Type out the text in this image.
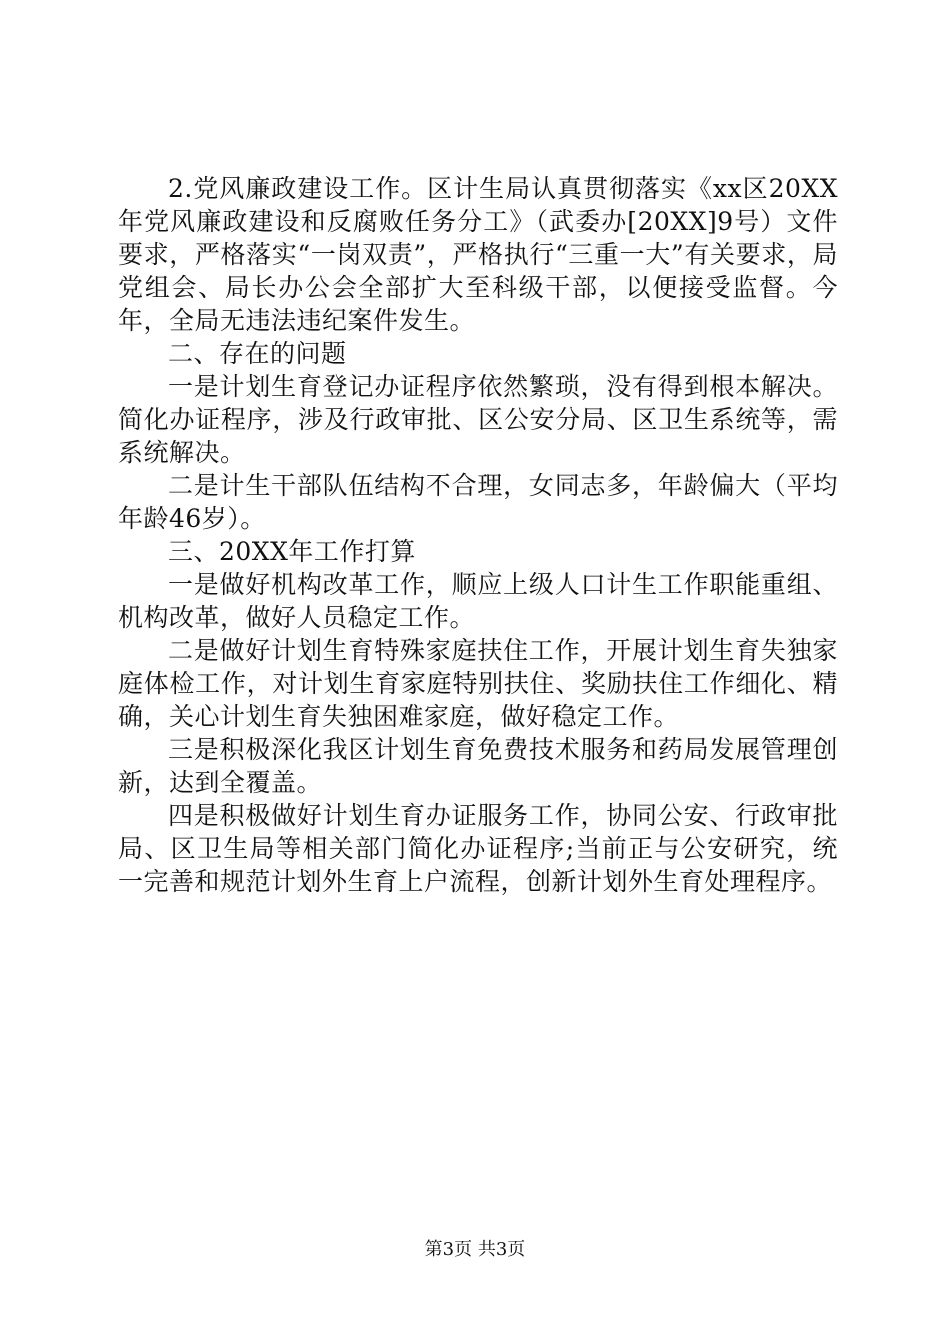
2.党风廉政建设工作。区计生局认真贯彻落实《xx区20XX年党风廉政建设和反腐败任务分工》（武委办[20XX]9号）文件要求，严格落实“一岗双责”，严格执行“三重一大”有关要求，局党组会、局长办公会全部扩大至科级干部，以便接受监督。今年，全局无违法违纪案件发生。

二、存在的问题

一是计划生育登记办证程序依然繁琐，没有得到根本解决。简化办证程序，涉及行政审批、区公安分局、区卫生系统等，需系统解决。

二是计生干部队伍结构不合理，女同志多，年龄偏大（平均年龄46岁）。

三、20XX年工作打算

一是做好机构改革工作，顺应上级人口计生工作职能重组、机构改革，做好人员稳定工作。

二是做好计划生育特殊家庭扶住工作，开展计划生育失独家庭体检工作，对计划生育家庭特别扶住、奖励扶住工作细化、精确，关心计划生育失独困难家庭，做好稳定工作。

三是积极深化我区计划生育免费技术服务和药局发展管理创新，达到全覆盖。

四是积极做好计划生育办证服务工作，协同公安、行政审批局、区卫生局等相关部门简化办证程序;当前正与公安研究，统一完善和规范计划外生育上户流程，创新计划外生育处理程序。

第3页 共3页
